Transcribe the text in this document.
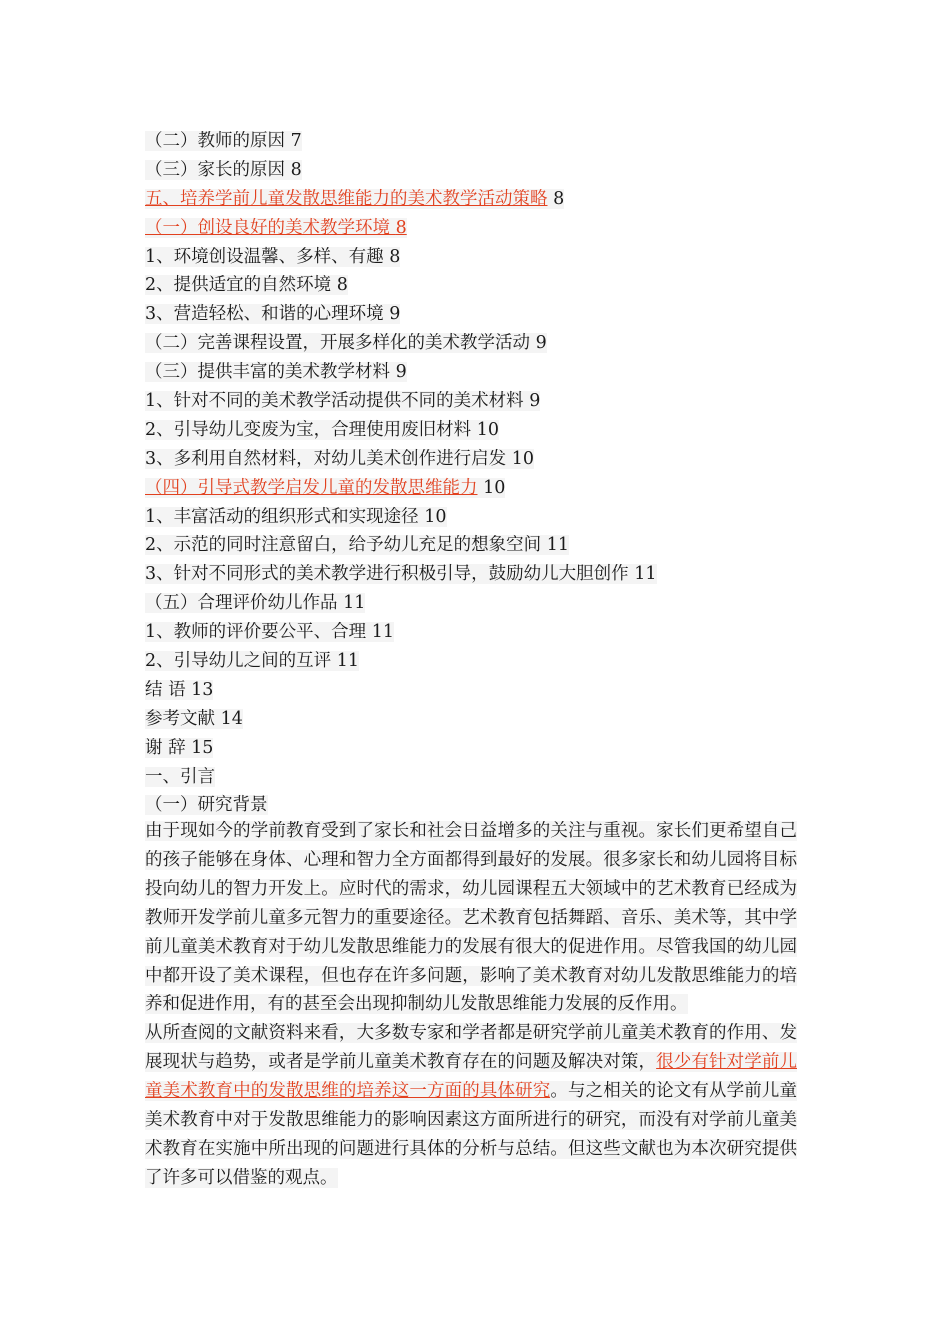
（二）教师的原因 7
（三）家长的原因 8
五、培养学前儿童发散思维能力的美术教学活动策略 8
（一）创设良好的美术教学环境 8
1、环境创设温馨、多样、有趣 8
2、提供适宜的自然环境 8
3、营造轻松、和谐的心理环境 9
（二）完善课程设置，开展多样化的美术教学活动 9
（三）提供丰富的美术教学材料 9
1、针对不同的美术教学活动提供不同的美术材料 9
2、引导幼儿变废为宝，合理使用废旧材料 10
3、多利用自然材料，对幼儿美术创作进行启发 10
（四）引导式教学启发儿童的发散思维能力 10
1、丰富活动的组织形式和实现途径 10
2、示范的同时注意留白，给予幼儿充足的想象空间 11
3、针对不同形式的美术教学进行积极引导，鼓励幼儿大胆创作 11
（五）合理评价幼儿作品 11
1、教师的评价要公平、合理 11
2、引导幼儿之间的互评 11
结 语 13
参考文献 14
谢 辞 15
一、引言
（一）研究背景

由于现如今的学前教育受到了家长和社会日益增多的关注与重视。家长们更希望自己的孩子能够在身体、心理和智力全方面都得到最好的发展。很多家长和幼儿园将目标投向幼儿的智力开发上。应时代的需求，幼儿园课程五大领域中的艺术教育已经成为教师开发学前儿童多元智力的重要途径。艺术教育包括舞蹈、音乐、美术等，其中学前儿童美术教育对于幼儿发散思维能力的发展有很大的促进作用。尽管我国的幼儿园中都开设了美术课程，但也存在许多问题，影响了美术教育对幼儿发散思维能力的培养和促进作用，有的甚至会出现抑制幼儿发散思维能力发展的反作用。

从所查阅的文献资料来看，大多数专家和学者都是研究学前儿童美术教育的作用、发展现状与趋势，或者是学前儿童美术教育存在的问题及解决对策，很少有针对学前儿童美术教育中的发散思维的培养这一方面的具体研究。与之相关的论文有从学前儿童美术教育中对于发散思维能力的影响因素这方面所进行的研究，而没有对学前儿童美术教育在实施中所出现的问题进行具体的分析与总结。但这些文献也为本次研究提供了许多可以借鉴的观点。
